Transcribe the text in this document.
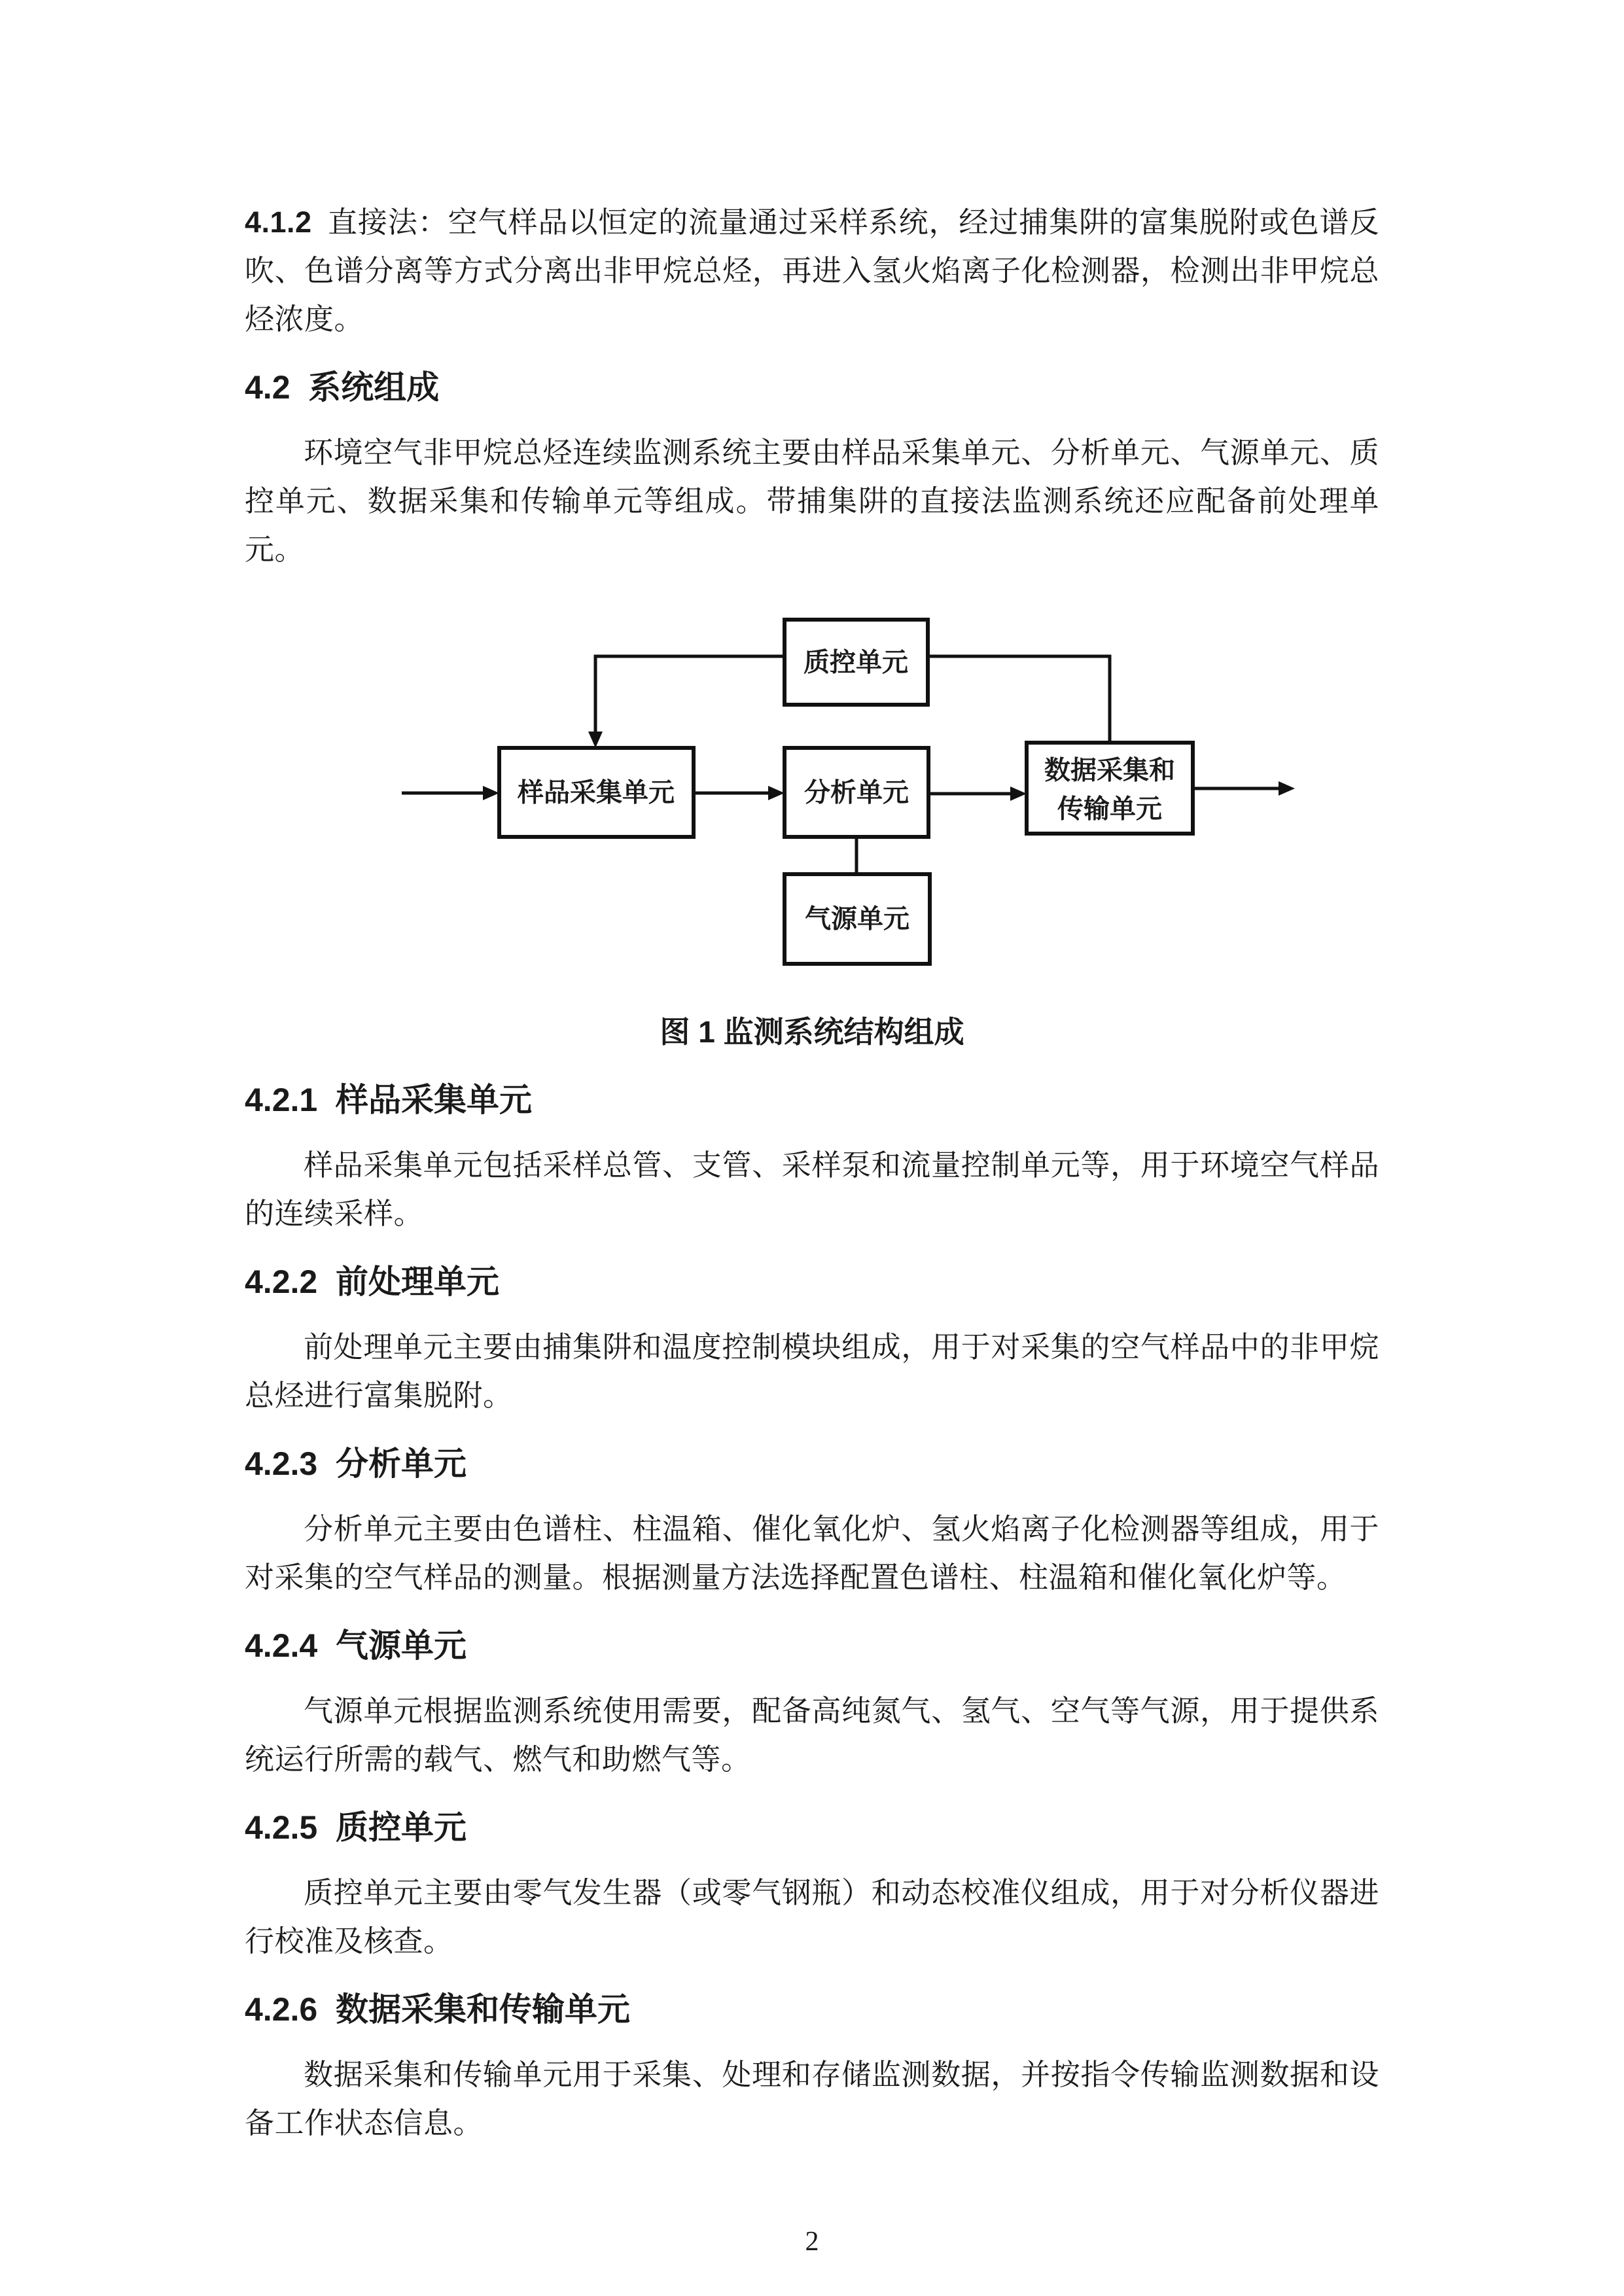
4.1.2  直接法：空气样品以恒定的流量通过采样系统，经过捕集阱的富集脱附或色谱反吹、色谱分离等方式分离出非甲烷总烃，再进入氢火焰离子化检测器，检测出非甲烷总烃浓度。

4.2  系统组成

环境空气非甲烷总烃连续监测系统主要由样品采集单元、分析单元、气源单元、质控单元、数据采集和传输单元等组成。带捕集阱的直接法监测系统还应配备前处理单元。

质控单元
样品采集单元	分析单元
数据采集和
传输单元
气源单元
图 1 监测系统结构组成
4.2.1  样品采集单元

样品采集单元包括采样总管、支管、采样泵和流量控制单元等，用于环境空气样品的连续采样。

4.2.2  前处理单元

前处理单元主要由捕集阱和温度控制模块组成，用于对采集的空气样品中的非甲烷总烃进行富集脱附。

4.2.3  分析单元

分析单元主要由色谱柱、柱温箱、催化氧化炉、氢火焰离子化检测器等组成，用于对采集的空气样品的测量。根据测量方法选择配置色谱柱、柱温箱和催化氧化炉等。

4.2.4  气源单元

气源单元根据监测系统使用需要，配备高纯氮气、氢气、空气等气源，用于提供系统运行所需的载气、燃气和助燃气等。

4.2.5  质控单元

质控单元主要由零气发生器（或零气钢瓶）和动态校准仪组成，用于对分析仪器进行校准及核查。

4.2.6  数据采集和传输单元

数据采集和传输单元用于采集、处理和存储监测数据，并按指令传输监测数据和设备工作状态信息。

2
